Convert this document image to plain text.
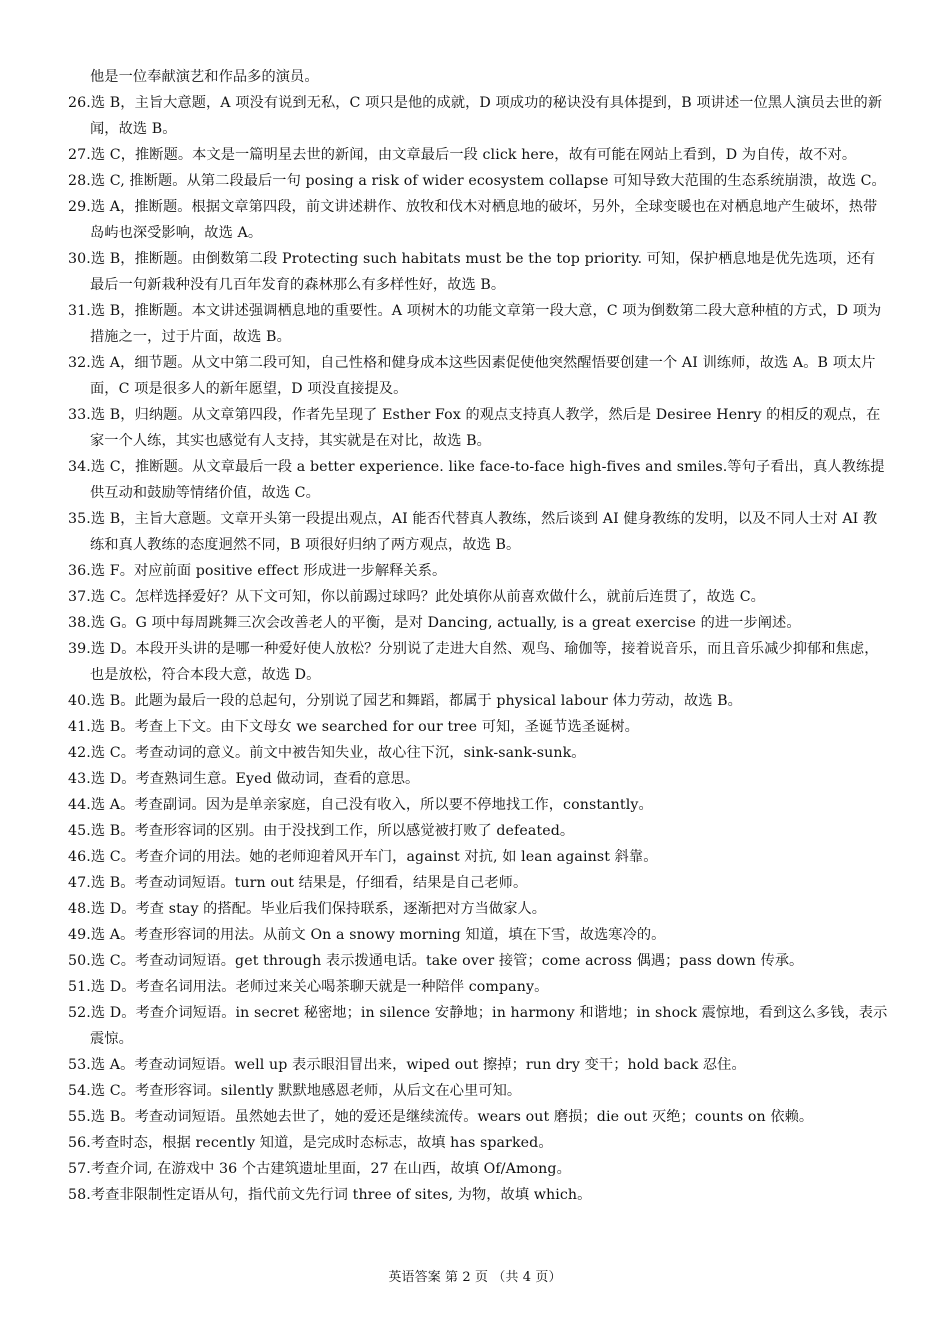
他是一位奉献演艺和作品多的演员。

26.选 B，主旨大意题，A 项没有说到无私，C 项只是他的成就，D 项成功的秘诀没有具体提到，B 项讲述一位黑人演员去世的新闻，故选 B。

27.选 C，推断题。本文是一篇明星去世的新闻，由文章最后一段 click here，故有可能在网站上看到，D 为自传，故不对。

28.选 C, 推断题。从第二段最后一句 posing a risk of wider ecosystem collapse 可知导致大范围的生态系统崩溃，故选 C。

29.选 A，推断题。根据文章第四段，前文讲述耕作、放牧和伐木对栖息地的破坏，另外，全球变暖也在对栖息地产生破坏，热带岛屿也深受影响，故选 A。

30.选 B，推断题。由倒数第二段 Protecting such habitats must be the top priority. 可知，保护栖息地是优先选项，还有最后一句新栽种没有几百年发育的森林那么有多样性好，故选 B。

31.选 B，推断题。本文讲述强调栖息地的重要性。A 项树木的功能文章第一段大意，C 项为倒数第二段大意种植的方式，D 项为措施之一，过于片面，故选 B。

32.选 A，细节题。从文中第二段可知，自己性格和健身成本这些因素促使他突然醒悟要创建一个 AI 训练师，故选 A。B 项太片面，C 项是很多人的新年愿望，D 项没直接提及。

33.选 B，归纳题。从文章第四段，作者先呈现了 Esther Fox 的观点支持真人教学，然后是 Desiree Henry 的相反的观点，在家一个人练，其实也感觉有人支持，其实就是在对比，故选 B。

34.选 C，推断题。从文章最后一段 a better experience. like face-to-face high-fives and smiles.等句子看出，真人教练提供互动和鼓励等情绪价值，故选 C。

35.选 B，主旨大意题。文章开头第一段提出观点，AI 能否代替真人教练，然后谈到 AI 健身教练的发明，以及不同人士对 AI 教练和真人教练的态度迥然不同，B 项很好归纳了两方观点，故选 B。

36.选 F。对应前面 positive effect 形成进一步解释关系。

37.选 C。怎样选择爱好？从下文可知，你以前踢过球吗？此处填你从前喜欢做什么，就前后连贯了，故选 C。

38.选 G。G 项中每周跳舞三次会改善老人的平衡，是对 Dancing, actually, is a great exercise 的进一步阐述。

39.选 D。本段开头讲的是哪一种爱好使人放松？分别说了走进大自然、观鸟、瑜伽等，接着说音乐，而且音乐减少抑郁和焦虑，也是放松，符合本段大意，故选 D。

40.选 B。此题为最后一段的总起句，分别说了园艺和舞蹈，都属于 physical labour 体力劳动，故选 B。

41.选 B。考查上下文。由下文母女 we searched for our tree 可知，圣诞节选圣诞树。

42.选 C。考查动词的意义。前文中被告知失业，故心往下沉，sink-sank-sunk。

43.选 D。考查熟词生意。Eyed 做动词，查看的意思。

44.选 A。考查副词。因为是单亲家庭，自己没有收入，所以要不停地找工作，constantly。

45.选 B。考查形容词的区别。由于没找到工作，所以感觉被打败了 defeated。

46.选 C。考查介词的用法。她的老师迎着风开车门，against 对抗, 如 lean against 斜靠。

47.选 B。考查动词短语。turn out 结果是，仔细看，结果是自己老师。

48.选 D。考查 stay 的搭配。毕业后我们保持联系，逐渐把对方当做家人。

49.选 A。考查形容词的用法。从前文 On a snowy morning 知道，填在下雪，故选寒冷的。

50.选 C。考查动词短语。get through 表示拨通电话。take over 接管；come across 偶遇；pass down 传承。

51.选 D。考查名词用法。老师过来关心喝茶聊天就是一种陪伴 company。

52.选 D。考查介词短语。in secret 秘密地；in silence 安静地；in harmony 和谐地；in shock 震惊地，看到这么多钱，表示震惊。

53.选 A。考查动词短语。well up 表示眼泪冒出来，wiped out 擦掉；run dry 变干；hold back 忍住。

54.选 C。考查形容词。silently 默默地感恩老师，从后文在心里可知。

55.选 B。考查动词短语。虽然她去世了，她的爱还是继续流传。wears out 磨损；die out 灭绝；counts on 依赖。

56.考查时态，根据 recently 知道，是完成时态标志，故填 has sparked。

57.考查介词, 在游戏中 36 个古建筑遗址里面，27 在山西，故填 Of/Among。

58.考查非限制性定语从句，指代前文先行词 three of sites, 为物，故填 which。

英语答案 第 2 页 （共 4 页）
